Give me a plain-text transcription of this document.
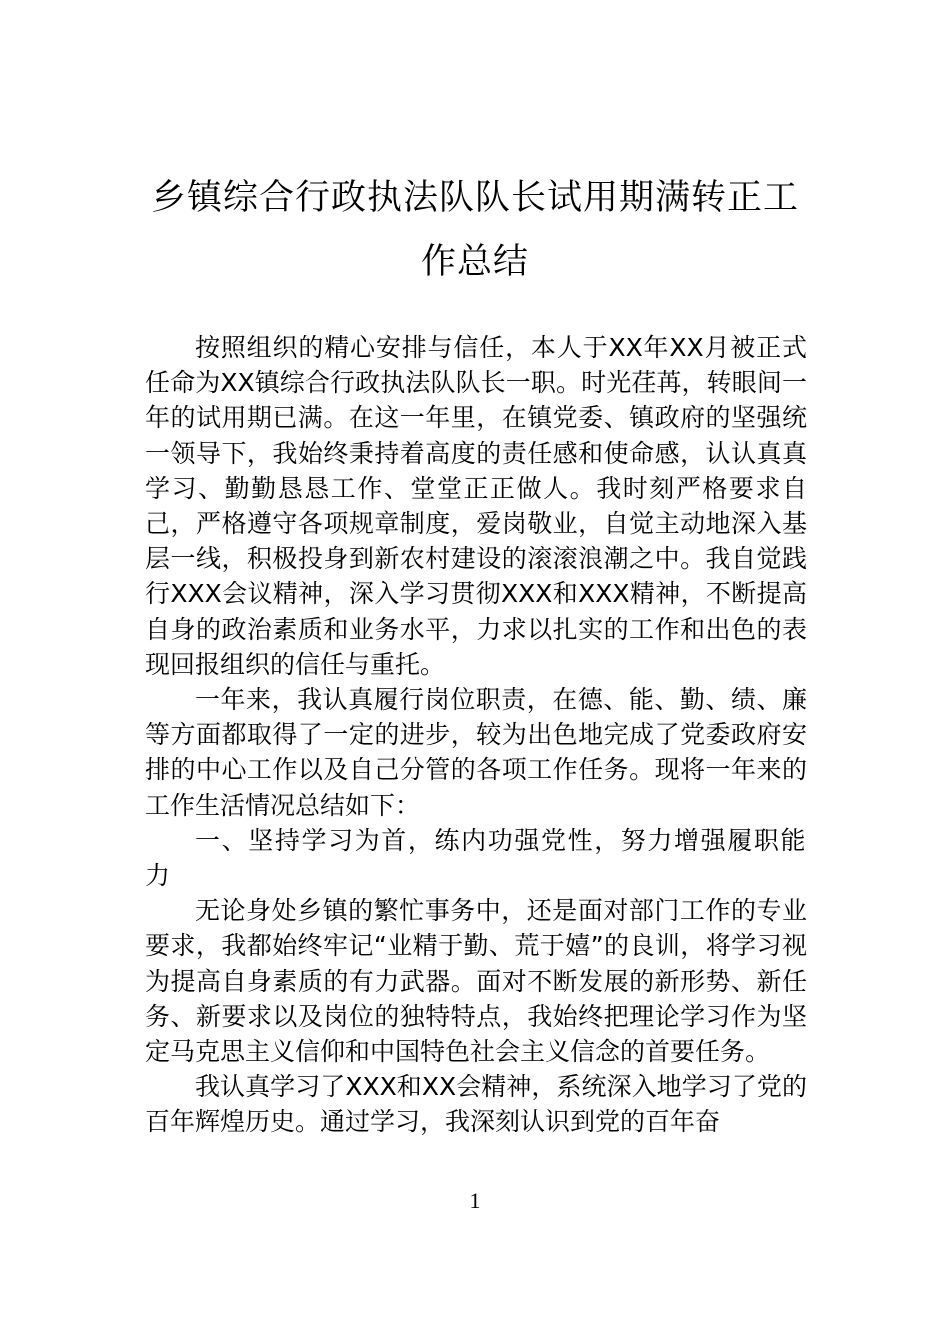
乡镇综合行政执法队队长试用期满转正工
作总结

按照组织的精心安排与信任，本人于XX年XX月被正式任命为XX镇综合行政执法队队长一职。时光荏苒，转眼间一年的试用期已满。在这一年里，在镇党委、镇政府的坚强统一领导下，我始终秉持着高度的责任感和使命感，认认真真学习、勤勤恳恳工作、堂堂正正做人。我时刻严格要求自己，严格遵守各项规章制度，爱岗敬业，自觉主动地深入基层一线，积极投身到新农村建设的滚滚浪潮之中。我自觉践行XXX会议精神，深入学习贯彻XXX和XXX精神，不断提高自身的政治素质和业务水平，力求以扎实的工作和出色的表现回报组织的信任与重托。

一年来，我认真履行岗位职责，在德、能、勤、绩、廉等方面都取得了一定的进步，较为出色地完成了党委政府安排的中心工作以及自己分管的各项工作任务。现将一年来的工作生活情况总结如下：

一、坚持学习为首，练内功强党性，努力增强履职能力

无论身处乡镇的繁忙事务中，还是面对部门工作的专业要求，我都始终牢记“业精于勤、荒于嬉”的良训，将学习视为提高自身素质的有力武器。面对不断发展的新形势、新任务、新要求以及岗位的独特特点，我始终把理论学习作为坚定马克思主义信仰和中国特色社会主义信念的首要任务。

我认真学习了XXX和XX会精神，系统深入地学习了党的百年辉煌历史。通过学习，我深刻认识到党的百年奋

1
